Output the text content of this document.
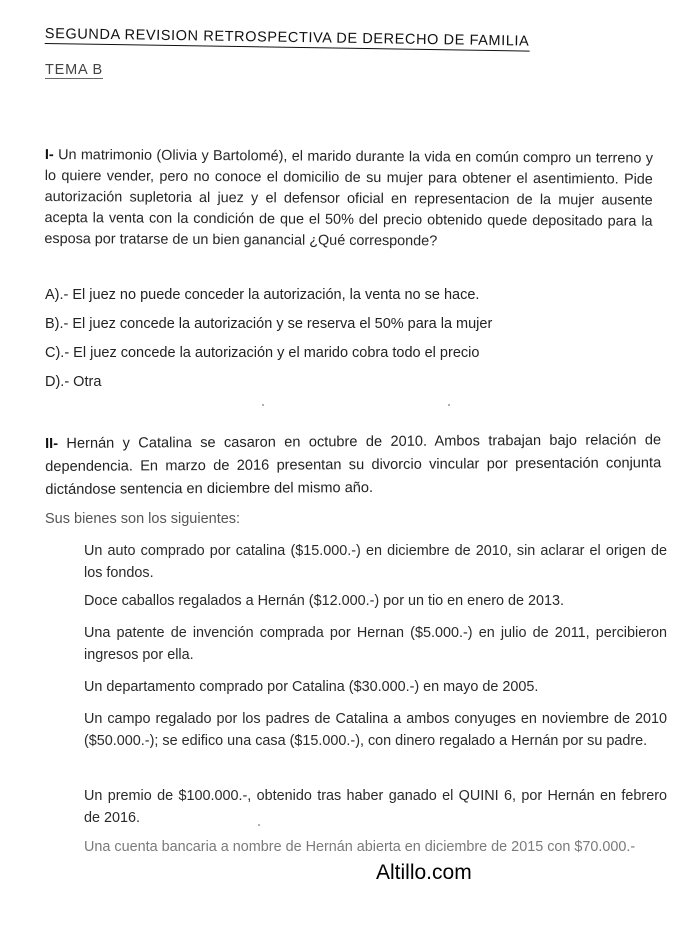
SEGUNDA REVISION RETROSPECTIVA DE DERECHO DE FAMILIA
TEMA B
I- Un matrimonio (Olivia y Bartolomé), el marido durante la vida en común compro un terreno y lo quiere vender, pero no conoce el domicilio de su mujer para obtener el asentimiento. Pide autorización supletoria al juez y el defensor oficial en representacion de la mujer ausente acepta la venta con la condición de que el 50% del precio obtenido quede depositado para la esposa por tratarse de un bien ganancial ¿Qué corresponde?
A).- El juez no puede conceder la autorización, la venta no se hace.
B).- El juez concede la autorización y se reserva el 50% para la mujer
C).- El juez concede la autorización y el marido cobra todo el precio
D).- Otra
II- Hernán y Catalina se casaron en octubre de 2010. Ambos trabajan bajo relación de dependencia. En marzo de 2016 presentan su divorcio vincular por presentación conjunta dictándose sentencia en diciembre del mismo año.
Sus bienes son los siguientes:
Un auto comprado por catalina ($15.000.-) en diciembre de 2010, sin aclarar el origen de los fondos.
Doce caballos regalados a Hernán ($12.000.-) por un tio en enero de 2013.
Una patente de invención comprada por Hernan ($5.000.-) en julio de 2011, percibieron ingresos por ella.
Un departamento comprado por Catalina ($30.000.-) en mayo de 2005.
Un campo regalado por los padres de Catalina a ambos conyuges en noviembre de 2010 ($50.000.-); se edifico una casa ($15.000.-), con dinero regalado a Hernán por su padre.
Un premio de $100.000.-, obtenido tras haber ganado el QUINI 6, por Hernán en febrero de 2016.
Una cuenta bancaria a nombre de Hernán abierta en diciembre de 2015 con $70.000.-
Altillo.com
